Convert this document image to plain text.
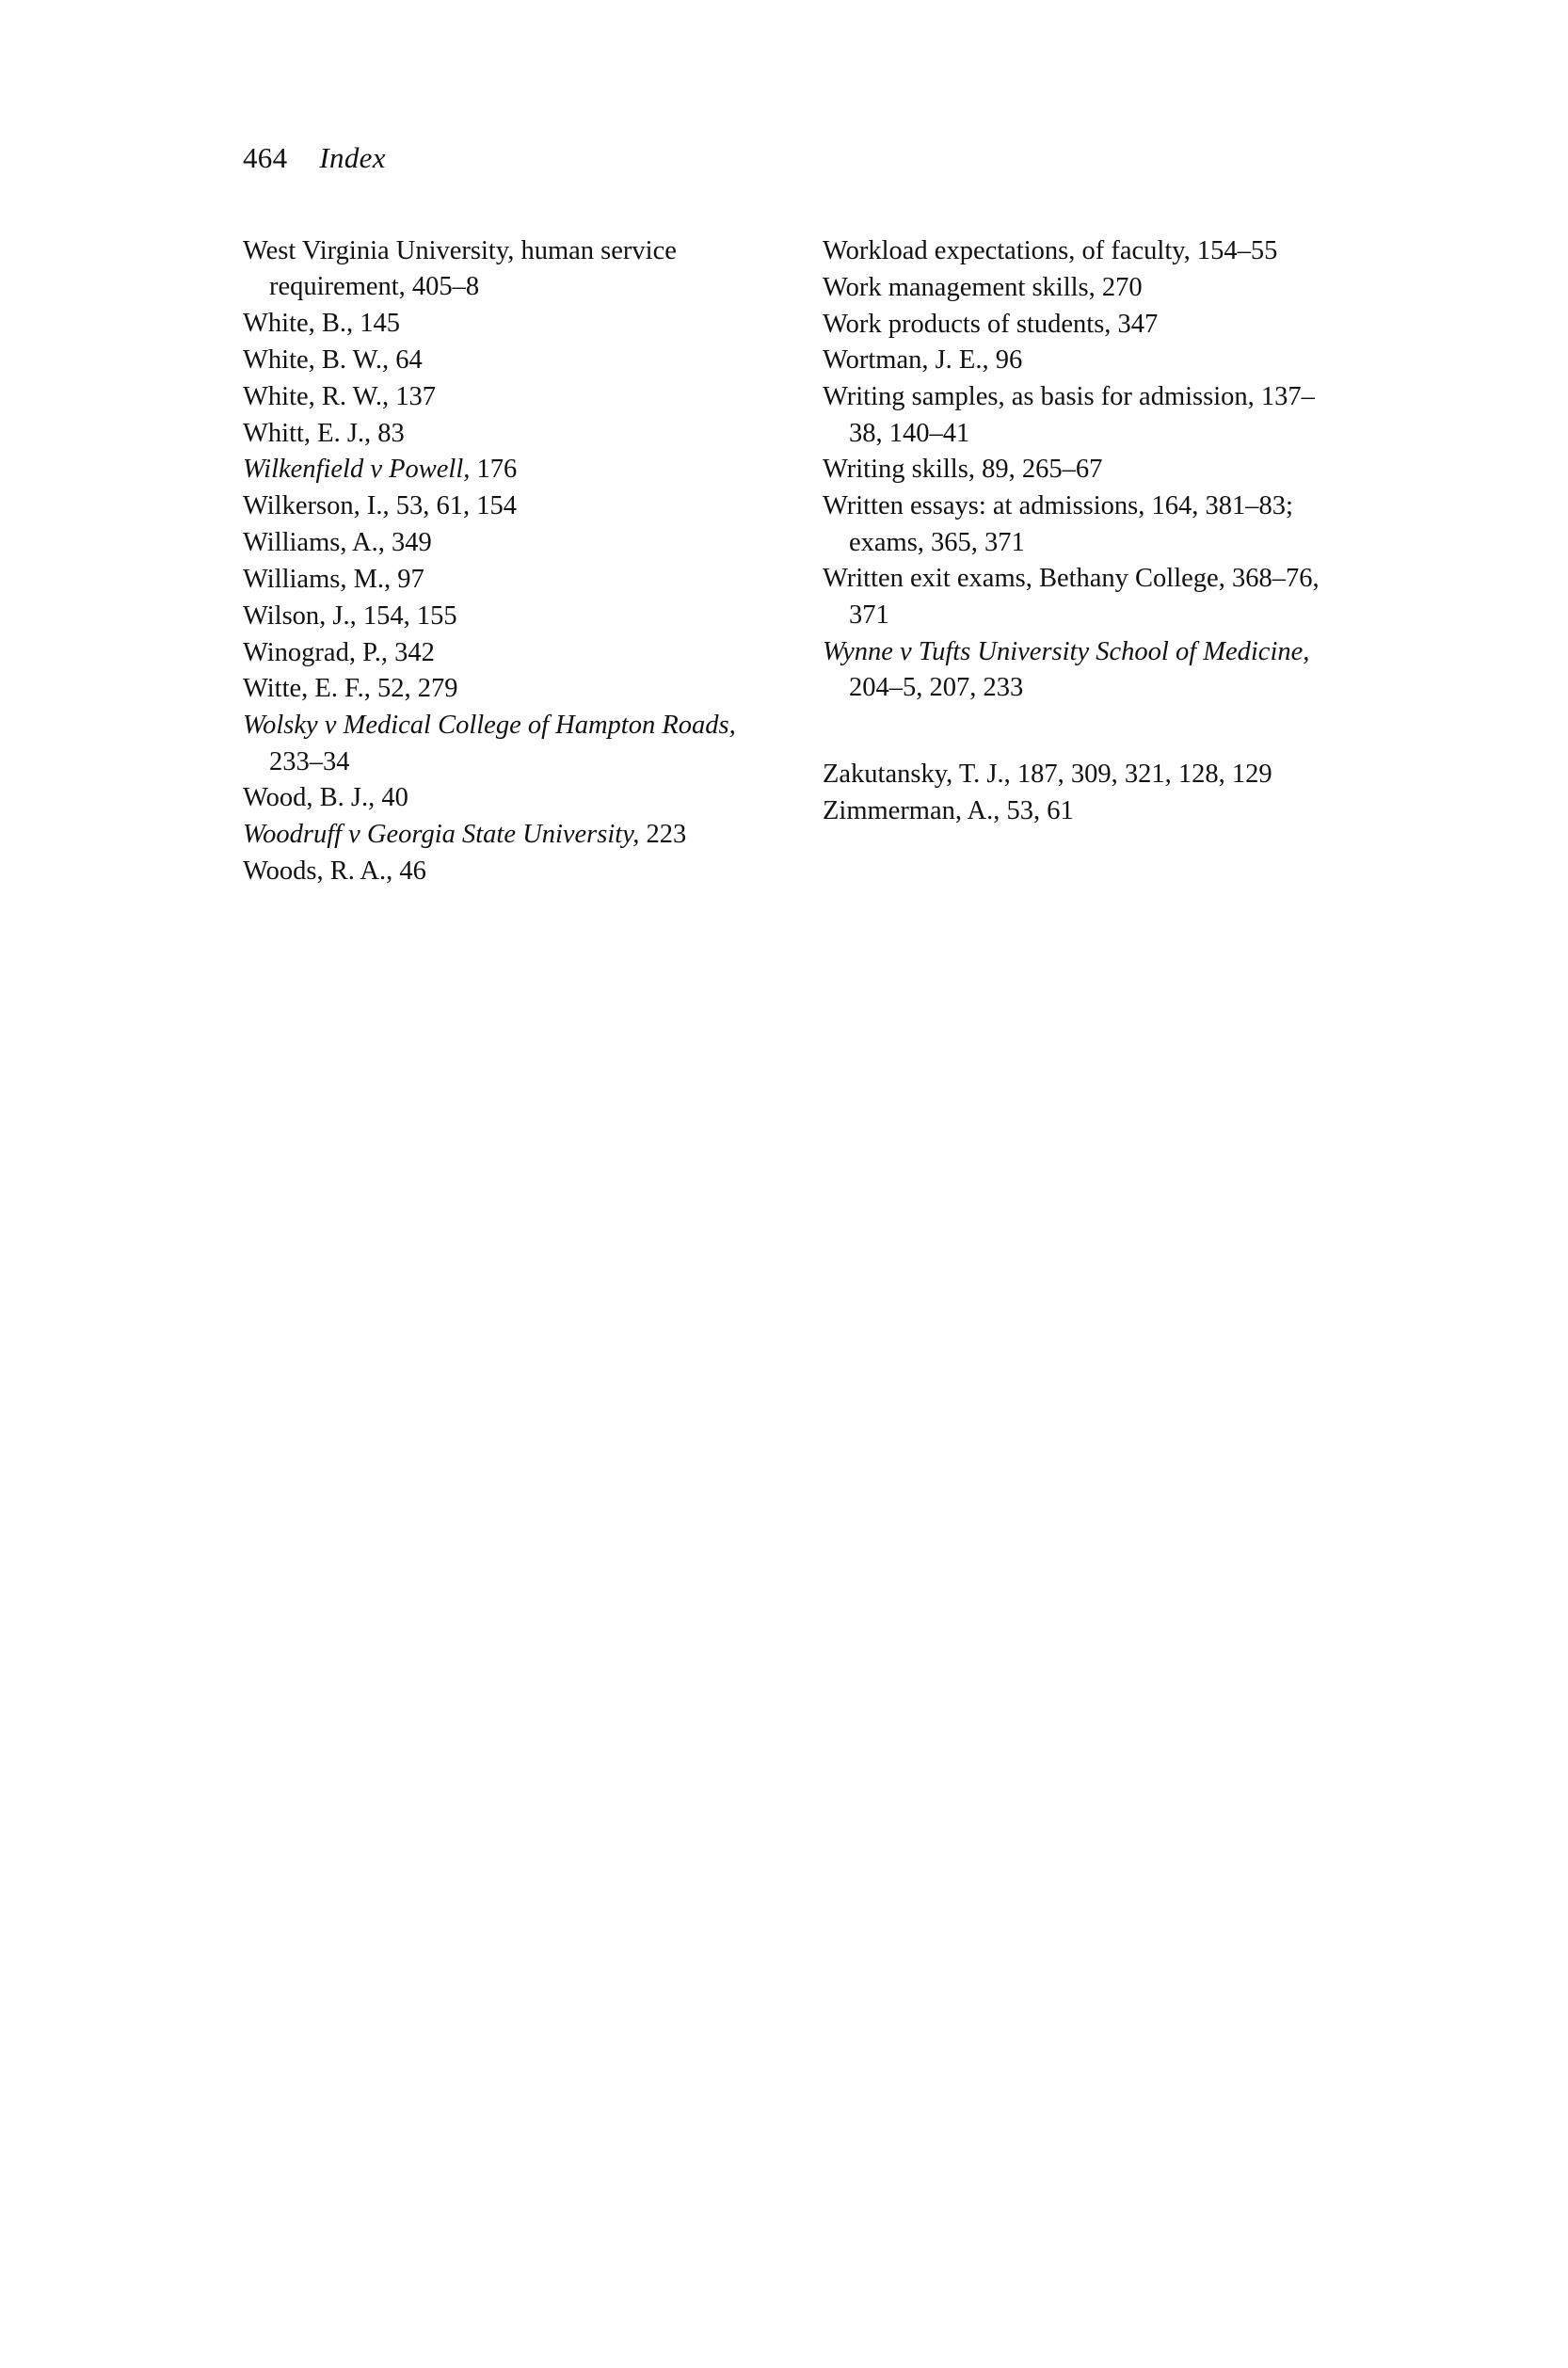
464 Index

West Virginia University, human service requirement, 405–8

White, B., 145

White, B. W., 64

White, R. W., 137

Whitt, E. J., 83

Wilkenfield v Powell, 176

Wilkerson, I., 53, 61, 154

Williams, A., 349

Williams, M., 97

Wilson, J., 154, 155

Winograd, P., 342

Witte, E. F., 52, 279

Wolsky v Medical College of Hampton Roads, 233–34

Wood, B. J., 40

Woodruff v Georgia State University, 223

Woods, R. A., 46

Workload expectations, of faculty, 154–55

Work management skills, 270

Work products of students, 347

Wortman, J. E., 96

Writing samples, as basis for admission, 137–38, 140–41

Writing skills, 89, 265–67

Written essays: at admissions, 164, 381–83; exams, 365, 371

Written exit exams, Bethany College, 368–76, 371

Wynne v Tufts University School of Medicine, 204–5, 207, 233

Zakutansky, T. J., 187, 309, 321, 128, 129

Zimmerman, A., 53, 61
